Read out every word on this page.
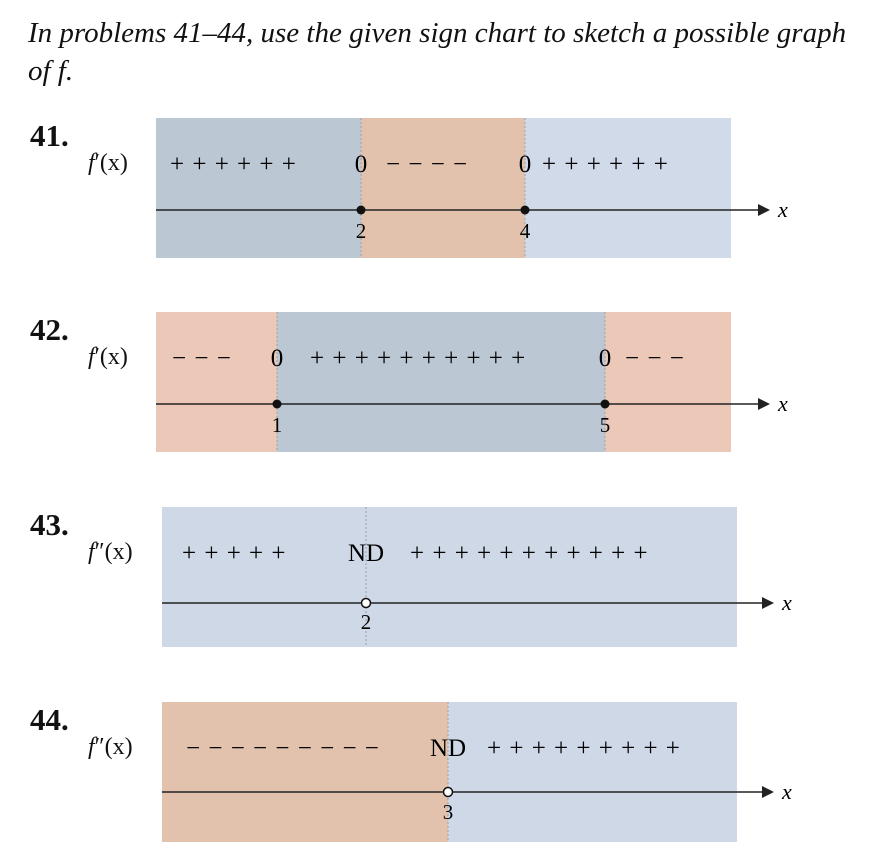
In problems 41–44, use the given sign chart to sketch a possible graph of f.

41.
f′(x) + + + + + +	− − − −	+ + + + + +
0	0
x
2	4
42.
f′(x) − − −	+ + + + + + + + + +	− − −
0	0
x
1	5
43.
f″(x) + + + + +	+ + + + + + + + + + +
ND
x
2
44.
f″(x) − − − − − − − − −	+ + + + + + + + +
ND
x
3
